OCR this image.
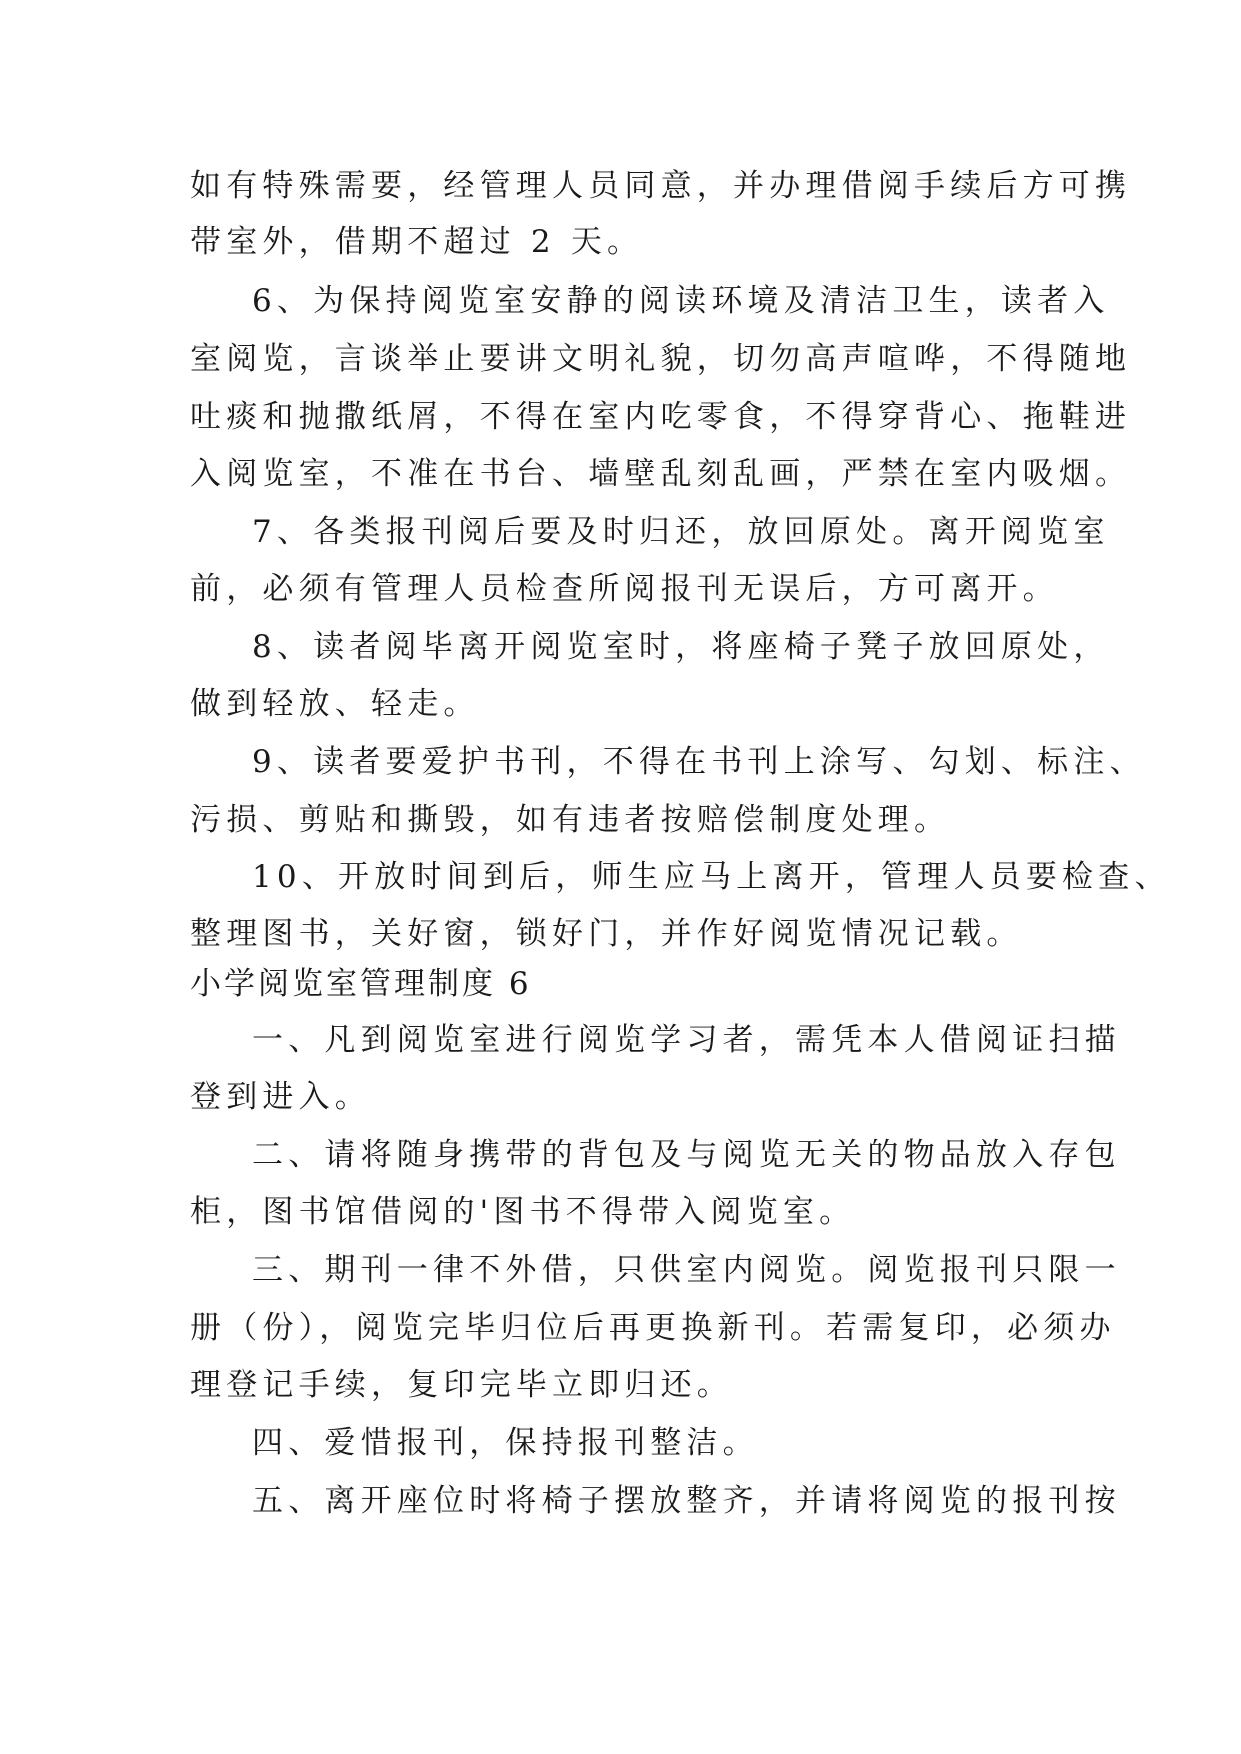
如有特殊需要，经管理人员同意，并办理借阅手续后方可携
带室外，借期不超过 2 天。
6、为保持阅览室安静的阅读环境及清洁卫生，读者入
室阅览，言谈举止要讲文明礼貌，切勿高声喧哗，不得随地
吐痰和抛撒纸屑，不得在室内吃零食，不得穿背心、拖鞋进
入阅览室，不准在书台、墙壁乱刻乱画，严禁在室内吸烟。
7、各类报刊阅后要及时归还，放回原处。离开阅览室
前，必须有管理人员检查所阅报刊无误后，方可离开。
8、读者阅毕离开阅览室时，将座椅子凳子放回原处，
做到轻放、轻走。
9、读者要爱护书刊，不得在书刊上涂写、勾划、标注、
污损、剪贴和撕毁，如有违者按赔偿制度处理。
10、开放时间到后，师生应马上离开，管理人员要检查、
整理图书，关好窗，锁好门，并作好阅览情况记载。
小学阅览室管理制度 6
一、凡到阅览室进行阅览学习者，需凭本人借阅证扫描
登到进入。
二、请将随身携带的背包及与阅览无关的物品放入存包
柜，图书馆借阅的'图书不得带入阅览室。
三、期刊一律不外借，只供室内阅览。阅览报刊只限一
册（份），阅览完毕归位后再更换新刊。若需复印，必须办
理登记手续，复印完毕立即归还。
四、爱惜报刊，保持报刊整洁。
五、离开座位时将椅子摆放整齐，并请将阅览的报刊按
